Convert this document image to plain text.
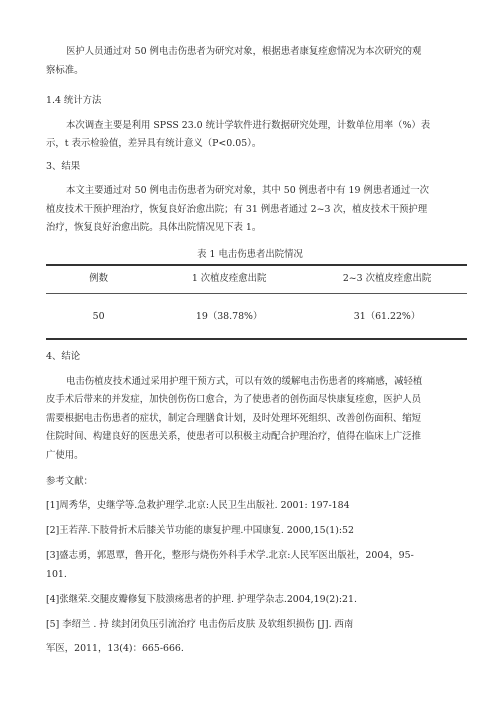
医护人员通过对 50 例电击伤患者为研究对象，根据患者康复痊愈情况为本次研究的观
察标准。
1.4 统计方法
本次调查主要是利用 SPSS 23.0 统计学软件进行数据研究处理，计数单位用率（%）表
示，t 表示检验值，差异具有统计意义（P<0.05）。
3、结果
本文主要通过对 50 例电击伤患者为研究对象，其中 50 例患者中有 19 例患者通过一次
植皮技术干预护理治疗，恢复良好治愈出院；有 31 例患者通过 2~3 次，植皮技术干预护理
治疗，恢复良好治愈出院。具体出院情况见下表 1。
表 1 电击伤患者出院情况
例数	1 次植皮痊愈出院	2~3 次植皮痊愈出院
50	19（38.78%）	31（61.22%）
4、结论
电击伤植皮技术通过采用护理干预方式，可以有效的缓解电击伤患者的疼痛感，减轻植
皮手术后带来的并发症，加快创伤伤口愈合，为了使患者的创伤面尽快康复痊愈，医护人员
需要根据电击伤患者的症状，制定合理膳食计划，及时处理坏死组织、改善创伤面积、缩短
住院时间、构建良好的医患关系，使患者可以积极主动配合护理治疗，值得在临床上广泛推
广使用。
参考文献：
[1]周秀华，史继学等.急救护理学.北京:人民卫生出版社. 2001: 197-184
[2]王若萍.下肢骨折术后膝关节功能的康复护理.中国康复. 2000,15(1):52
[3]盛志勇，郭恩覃，鲁开化，整形与烧伤外科手术学.北京:人民军医出版社，2004，95-
101.
[4]张继荣.交腿皮瓣修复下肢溃疡患者的护理. 护理学杂志.2004,19(2):21.
[5] 李绍兰 . 持 续封闭负压引流治疗 电击伤后皮肤 及软组织损伤 [J]. 西南
军医，2011，13(4)：665-666.
